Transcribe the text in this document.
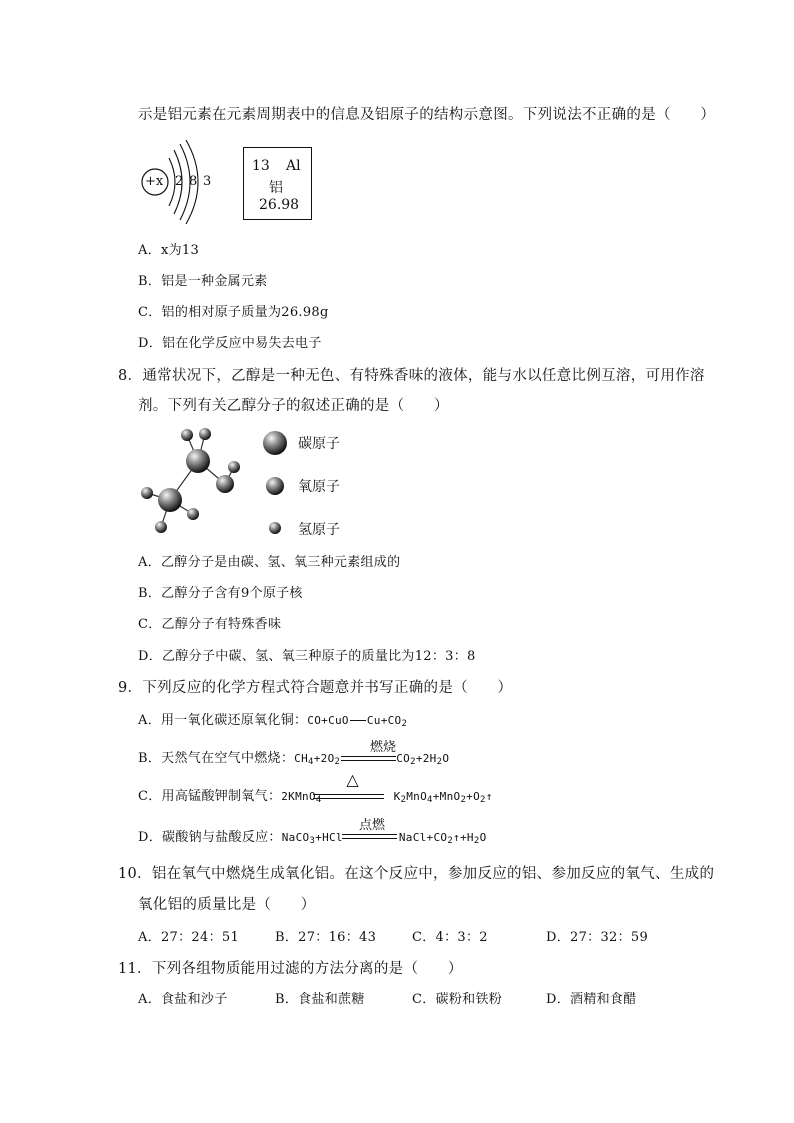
示是铝元素在元素周期表中的信息及铝原子的结构示意图。下列说法不正确的是（　　）
+x 2 8 3
13 Al
铝
26.98
A．x为13
B．铝是一种金属元素
C．铝的相对原子质量为26.98g
D．铝在化学反应中易失去电子
8．通常状况下，乙醇是一种无色、有特殊香味的液体，能与水以任意比例互溶，可用作溶
剂。下列有关乙醇分子的叙述正确的是（　　）
碳原子
氧原子
氢原子
A．乙醇分子是由碳、氢、氧三种元素组成的
B．乙醇分子含有9个原子核
C．乙醇分子有特殊香味
D．乙醇分子中碳、氢、氧三种原子的质量比为12：3：8
9．下列反应的化学方程式符合题意并书写正确的是（　　）
A．用一氧化碳还原氧化铜：CO+CuO $Cu+CO_2$
B．天然气在空气中燃烧：$CH_4+2O_2$	$CO_2+2H_2O$
燃烧
C．用高锰酸钾制氧气：2KMnO$_4$	$K_2MnO_4+MnO_2+O_2↑$
△
D．碳酸钠与盐酸反应：NaCO$_3$+HCl	$NaCl+CO_2↑+H_2O$
点燃
10．铝在氧气中燃烧生成氧化铝。在这个反应中，参加反应的铝、参加反应的氧气、生成的
氧化铝的质量比是（　　）
A．27：24：51	B．27：16：43	C．4：3：2	D．27：32：59
11．下列各组物质能用过滤的方法分离的是（　　）
A．食盐和沙子	B．食盐和蔗糖	C．碳粉和铁粉	D．酒精和食醋
